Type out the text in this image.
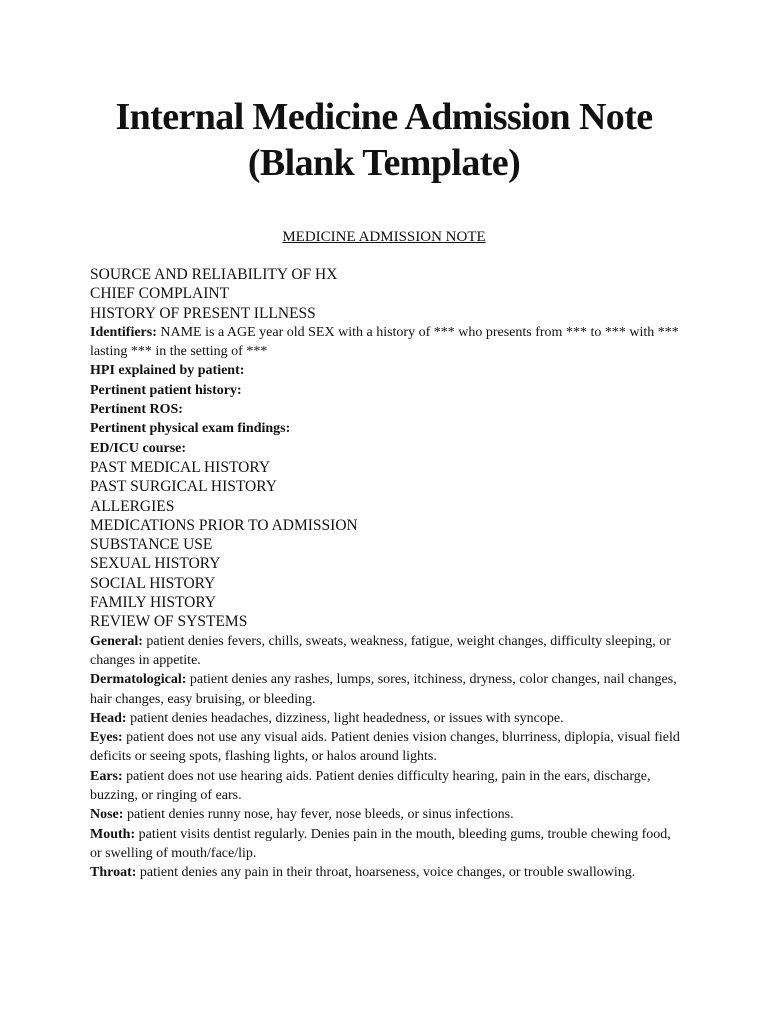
Internal Medicine Admission Note
(Blank Template)
MEDICINE ADMISSION NOTE
SOURCE AND RELIABILITY OF HX
CHIEF COMPLAINT
HISTORY OF PRESENT ILLNESS
Identifiers: NAME is a AGE year old SEX with a history of *** who presents from *** to *** with *** lasting *** in the setting of ***
HPI explained by patient:
Pertinent patient history:
Pertinent ROS:
Pertinent physical exam findings:
ED/ICU course:
PAST MEDICAL HISTORY
PAST SURGICAL HISTORY
ALLERGIES
MEDICATIONS PRIOR TO ADMISSION
SUBSTANCE USE
SEXUAL HISTORY
SOCIAL HISTORY
FAMILY HISTORY
REVIEW OF SYSTEMS
General: patient denies fevers, chills, sweats, weakness, fatigue, weight changes, difficulty sleeping, or changes in appetite.
Dermatological: patient denies any rashes, lumps, sores, itchiness, dryness, color changes, nail changes, hair changes, easy bruising, or bleeding.
Head: patient denies headaches, dizziness, light headedness, or issues with syncope.
Eyes: patient does not use any visual aids. Patient denies vision changes, blurriness, diplopia, visual field deficits or seeing spots, flashing lights, or halos around lights.
Ears: patient does not use hearing aids. Patient denies difficulty hearing, pain in the ears, discharge, buzzing, or ringing of ears.
Nose: patient denies runny nose, hay fever, nose bleeds, or sinus infections.
Mouth: patient visits dentist regularly. Denies pain in the mouth, bleeding gums, trouble chewing food, or swelling of mouth/face/lip.
Throat: patient denies any pain in their throat, hoarseness, voice changes, or trouble swallowing.
